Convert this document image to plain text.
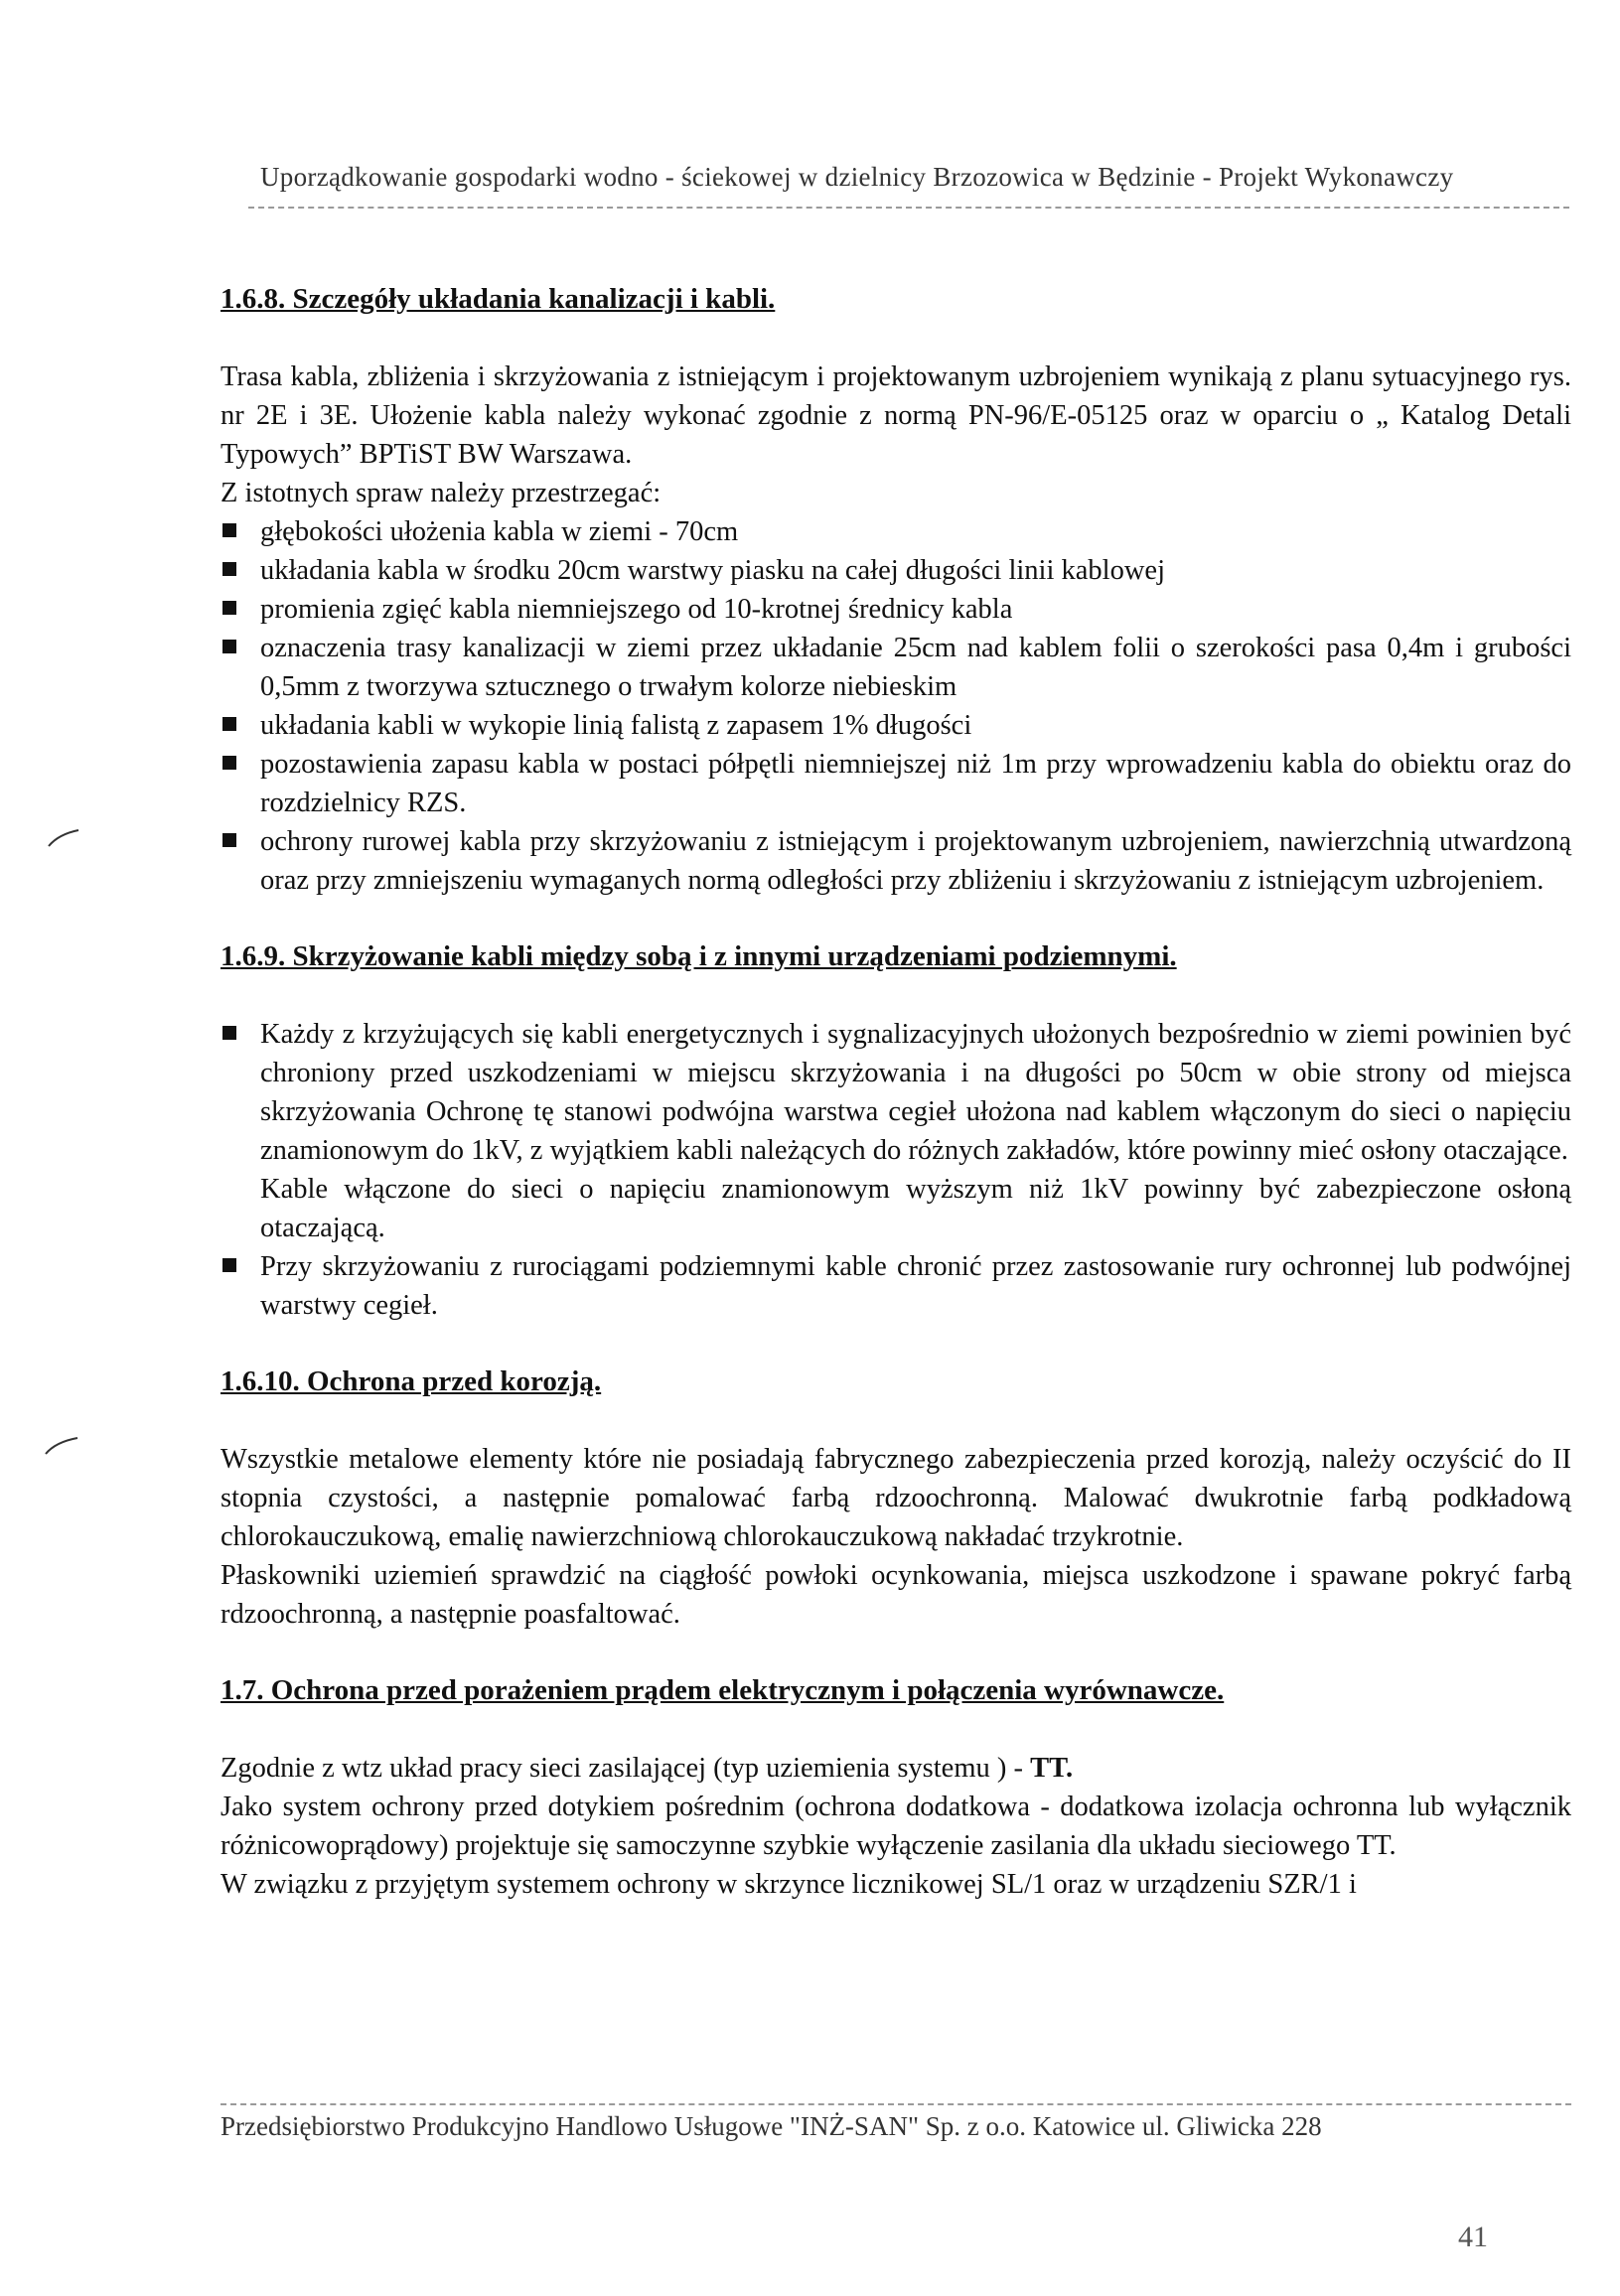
Uporządkowanie gospodarki wodno - ściekowej w dzielnicy Brzozowica w Będzinie - Projekt Wykonawczy
1.6.8. Szczegóły układania kanalizacji i kabli.

Trasa kabla, zbliżenia i skrzyżowania z istniejącym i projektowanym uzbrojeniem wynikają z planu sytuacyjnego rys. nr 2E i 3E. Ułożenie kabla należy wykonać zgodnie z normą PN-96/E-05125 oraz w oparciu o „ Katalog Detali Typowych” BPTiST BW Warszawa.

Z istotnych spraw należy przestrzegać:

głębokości ułożenia kabla w ziemi - 70cm
układania kabla w środku 20cm warstwy piasku na całej długości linii kablowej
promienia zgięć kabla niemniejszego od 10-krotnej średnicy kabla
oznaczenia trasy kanalizacji w ziemi przez układanie 25cm nad kablem folii o szerokości pasa 0,4m i grubości 0,5mm z tworzywa sztucznego o trwałym kolorze niebieskim
układania kabli w wykopie linią falistą z zapasem 1% długości
pozostawienia zapasu kabla w postaci półpętli niemniejszej niż 1m przy wprowadzeniu kabla do obiektu oraz do rozdzielnicy RZS.
ochrony rurowej kabla przy skrzyżowaniu z istniejącym i projektowanym uzbrojeniem, nawierzchnią utwardzoną oraz przy zmniejszeniu wymaganych normą odległości przy zbliżeniu i skrzyżowaniu z istniejącym uzbrojeniem.
1.6.9. Skrzyżowanie kabli między sobą i z innymi urządzeniami podziemnymi.
Każdy z krzyżujących się kabli energetycznych i sygnalizacyjnych ułożonych bezpośrednio w ziemi powinien być chroniony przed uszkodzeniami w miejscu skrzyżowania i na długości po 50cm w obie strony od miejsca skrzyżowania Ochronę tę stanowi podwójna warstwa cegieł ułożona nad kablem włączonym do sieci o napięciu znamionowym do 1kV, z wyjątkiem kabli należących do różnych zakładów, które powinny mieć osłony otaczające.
Kable włączone do sieci o napięciu znamionowym wyższym niż 1kV powinny być zabezpieczone osłoną otaczającą.
Przy skrzyżowaniu z rurociągami podziemnymi kable chronić przez zastosowanie rury ochronnej lub podwójnej warstwy cegieł.
1.6.10. Ochrona przed korozją.

Wszystkie metalowe elementy które nie posiadają fabrycznego zabezpieczenia przed korozją, należy oczyścić do II stopnia czystości, a następnie pomalować farbą rdzoochronną. Malować dwukrotnie farbą podkładową chlorokauczukową, emalię nawierzchniową chlorokauczukową nakładać trzykrotnie.

Płaskowniki uziemień sprawdzić na ciągłość powłoki ocynkowania, miejsca uszkodzone i spawane pokryć farbą rdzoochronną, a następnie poasfaltować.

1.7. Ochrona przed porażeniem prądem elektrycznym i połączenia wyrównawcze.

Zgodnie z wtz układ pracy sieci zasilającej (typ uziemienia systemu ) - TT.

Jako system ochrony przed dotykiem pośrednim (ochrona dodatkowa - dodatkowa izolacja ochronna lub wyłącznik różnicowoprądowy) projektuje się samoczynne szybkie wyłączenie zasilania dla układu sieciowego TT.

W związku z przyjętym systemem ochrony w skrzynce licznikowej SL/1 oraz w urządzeniu SZR/1 i

Przedsiębiorstwo Produkcyjno Handlowo Usługowe "INŻ-SAN" Sp. z o.o. Katowice ul. Gliwicka 228
41
